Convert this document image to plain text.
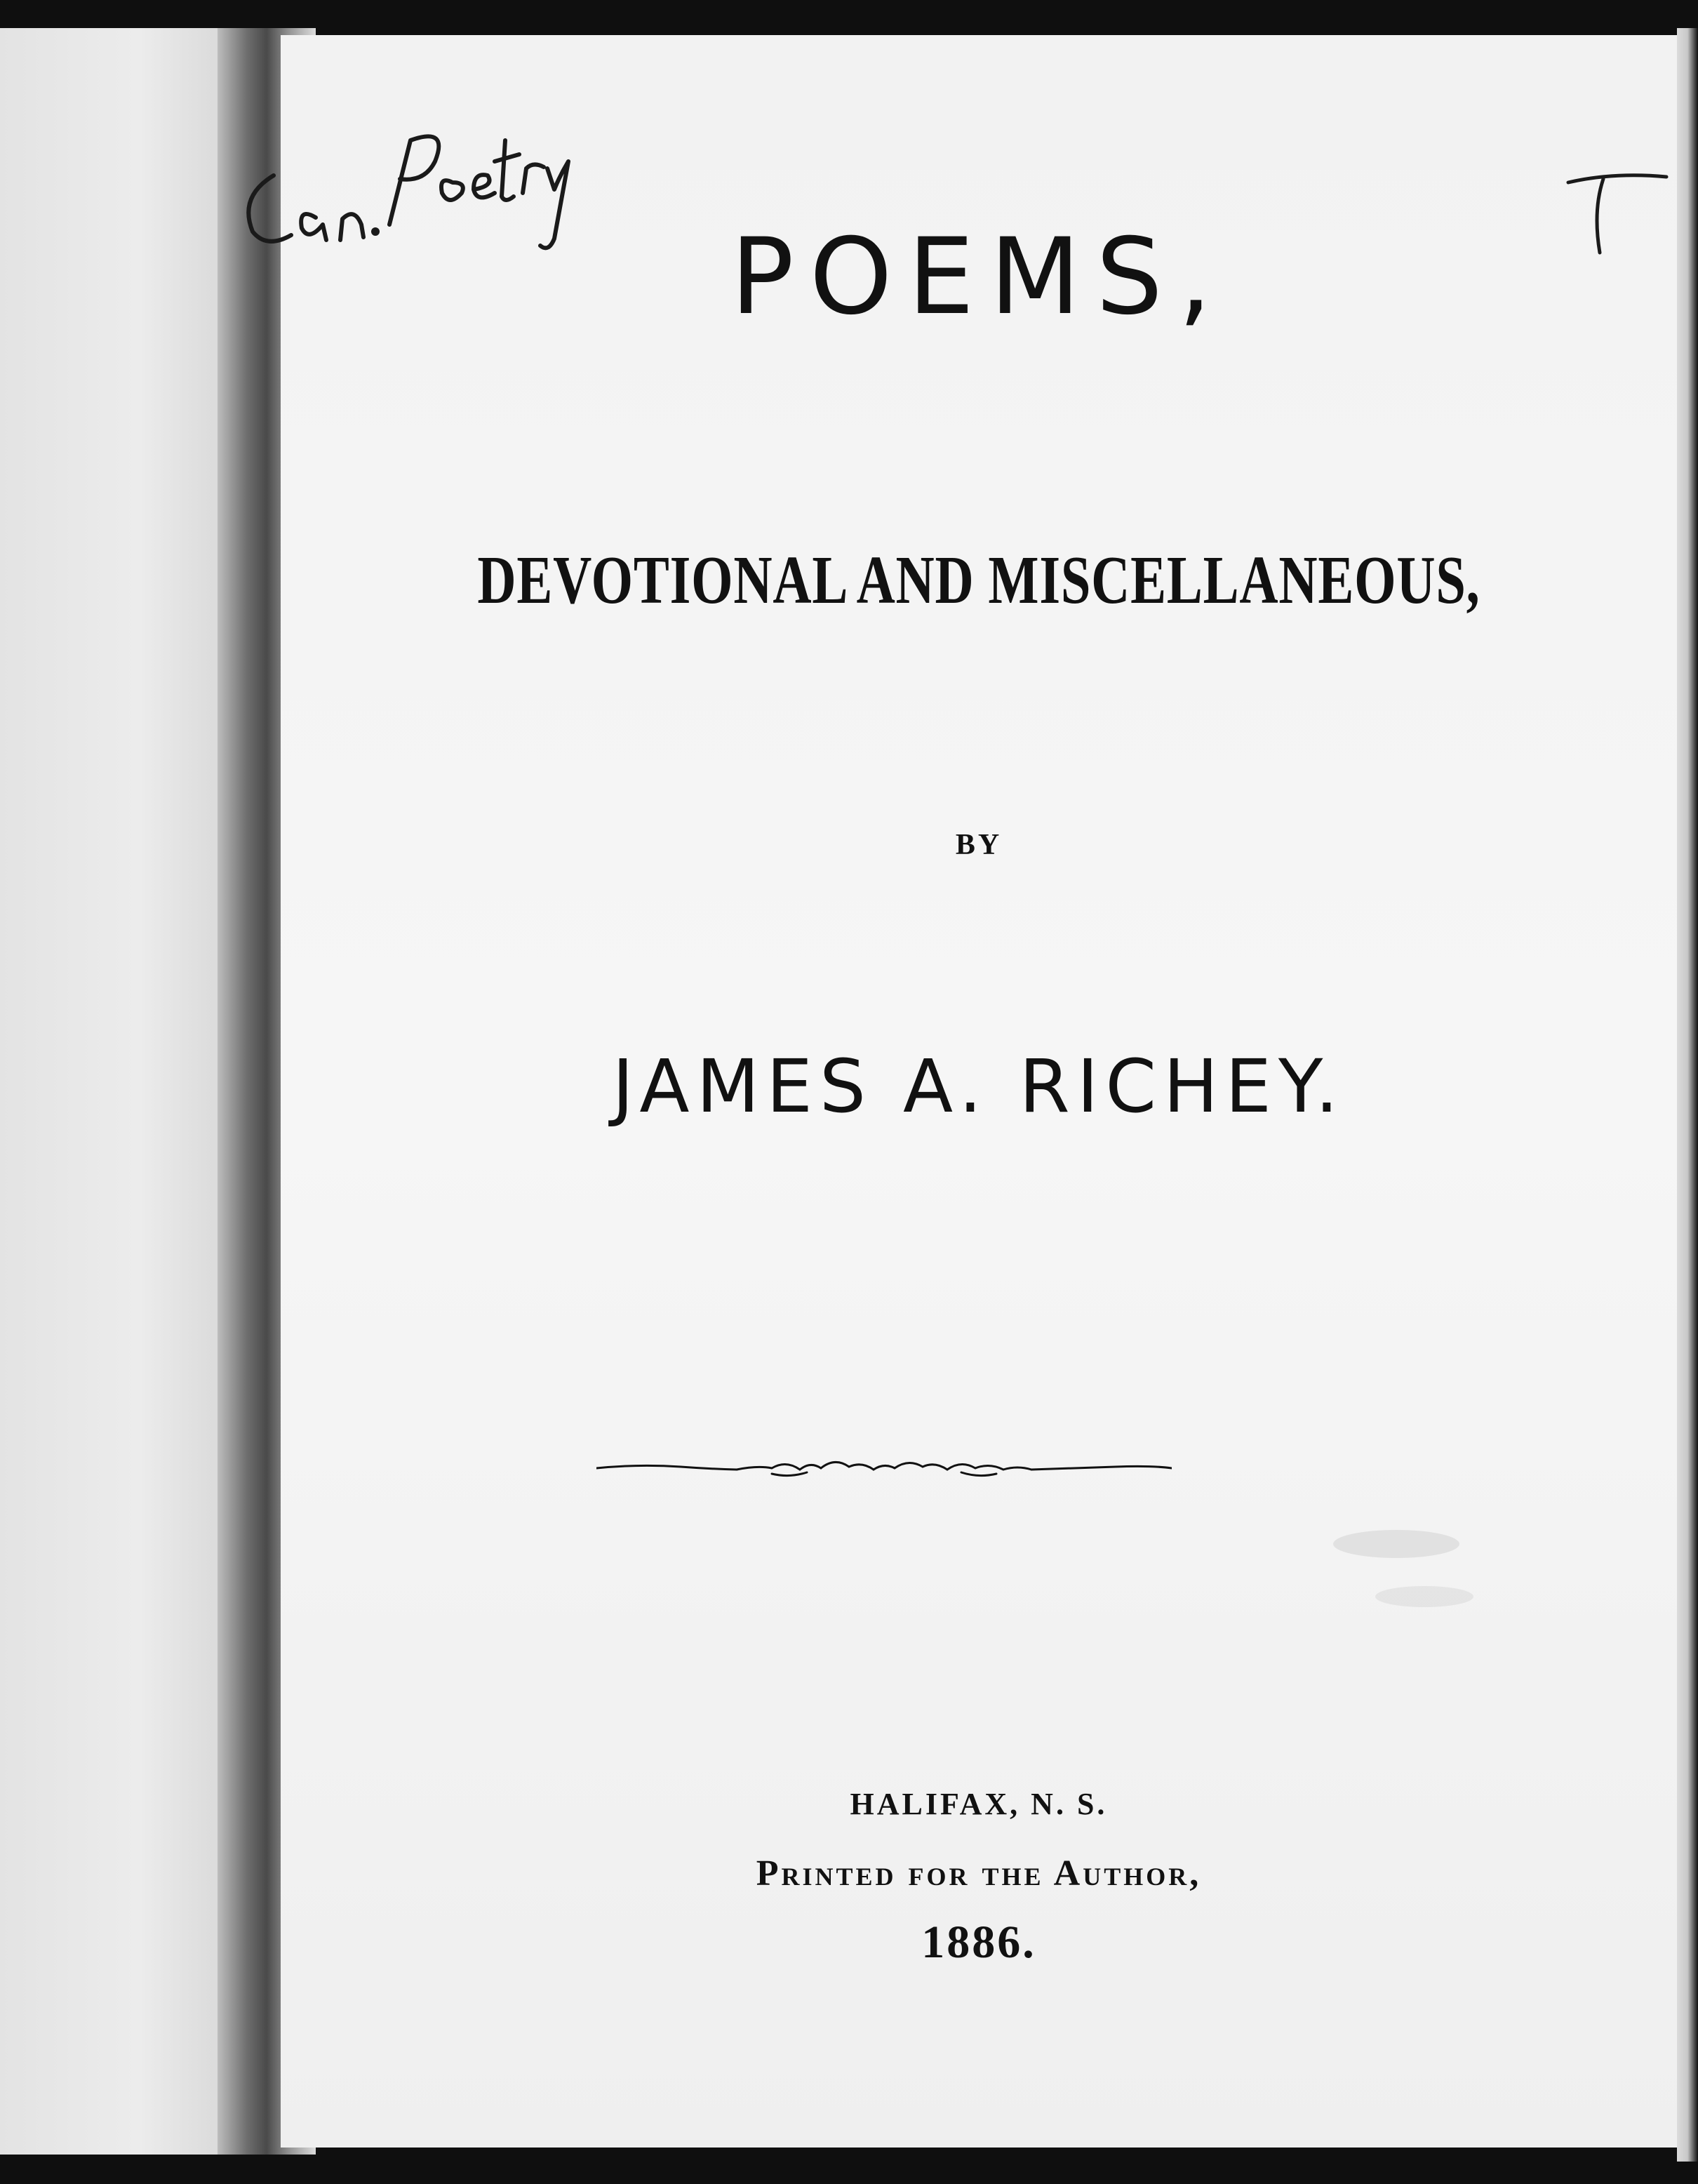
POEMS,
DEVOTIONAL AND MISCELLANEOUS,
BY
JAMES A. RICHEY.
HALIFAX, N. S.
Printed for the Author,
1886.
